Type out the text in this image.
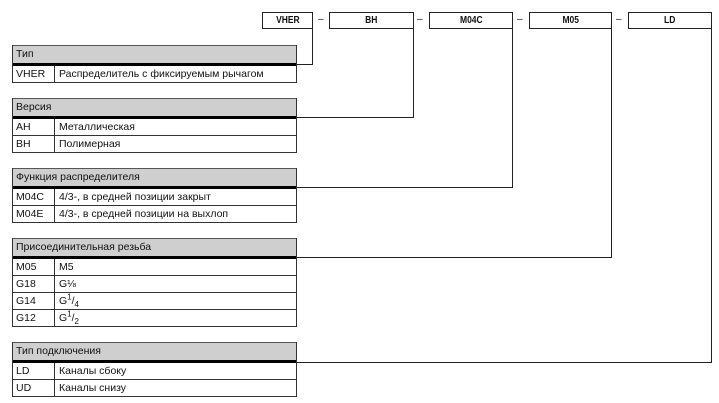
VHER	–	BH	–	M04C	–	M05	–	LD
Тип
VHER	Распределитель с фиксируемым рычагом
Версия
AH	Металлическая
BH	Полимерная
Функция распределителя
M04C	4/3-, в средней позиции закрыт
M04E	4/3-, в средней позиции на выхлоп
Присоединительная резьба
M05	M5
G18	G⅛
G14	$G^1/_4$
G12	$G^1/_2$
Тип подключения
LD	Каналы сбоку
UD	Каналы снизу
